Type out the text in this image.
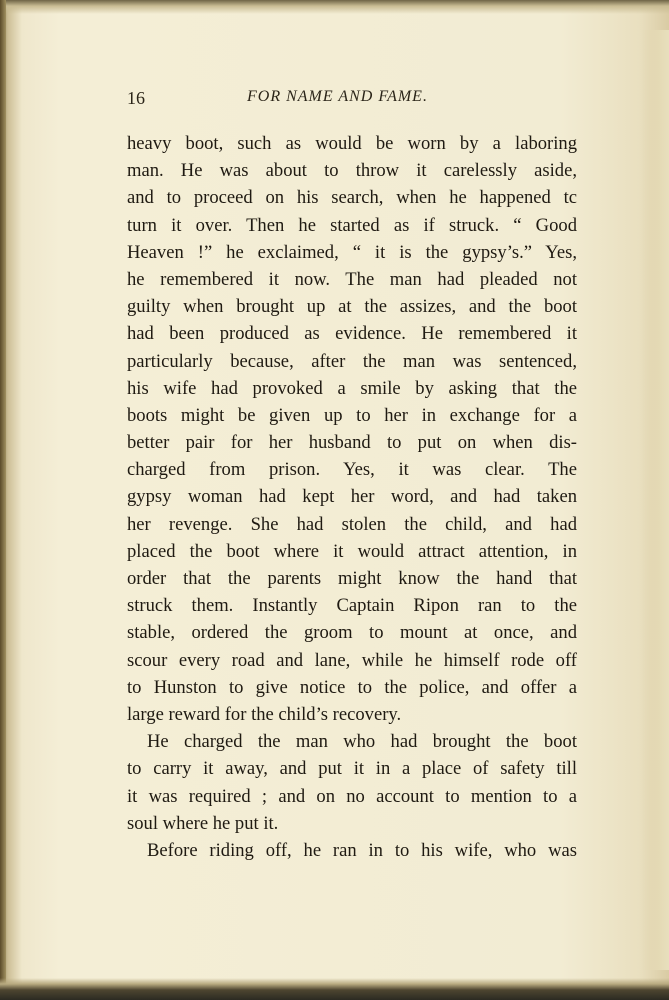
16	FOR NAME AND FAME.
heavy boot, such as would be worn by a laboring
man. He was about to throw it carelessly aside,
and to proceed on his search, when he happened tc
turn it over. Then he started as if struck. “ Good
Heaven !” he exclaimed, “ it is the gypsy’s.” Yes,
he remembered it now. The man had pleaded not
guilty when brought up at the assizes, and the boot
had been produced as evidence. He remembered it
particularly because, after the man was sentenced,
his wife had provoked a smile by asking that the
boots might be given up to her in exchange for a
better pair for her husband to put on when dis-
charged from prison. Yes, it was clear. The
gypsy woman had kept her word, and had taken
her revenge. She had stolen the child, and had
placed the boot where it would attract attention, in
order that the parents might know the hand that
struck them. Instantly Captain Ripon ran to the
stable, ordered the groom to mount at once, and
scour every road and lane, while he himself rode off
to Hunston to give notice to the police, and offer a
large reward for the child’s recovery.
He charged the man who had brought the boot
to carry it away, and put it in a place of safety till
it was required ; and on no account to mention to a
soul where he put it.
Before riding off, he ran in to his wife, who was
